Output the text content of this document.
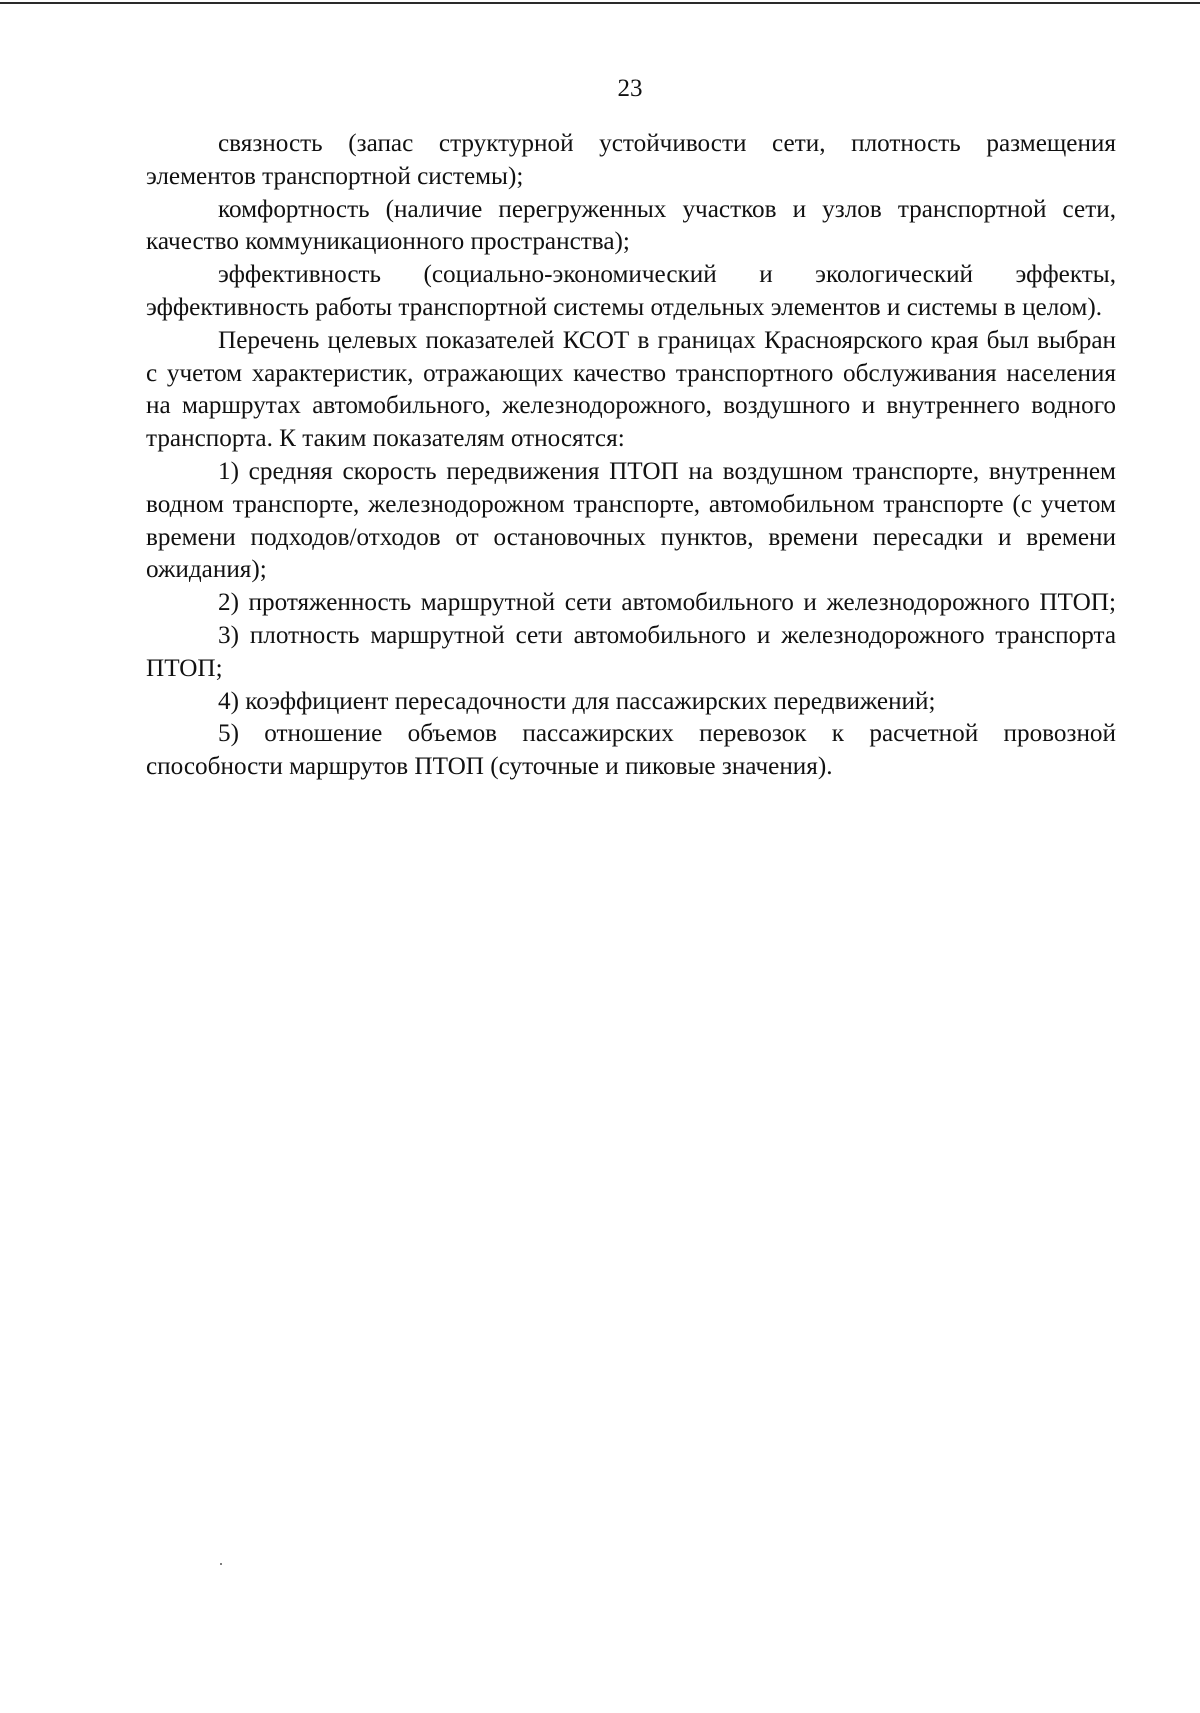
23

связность (запас структурной устойчивости сети, плотность размещения элементов транспортной системы);

комфортность (наличие перегруженных участков и узлов транспортной сети, качество коммуникационного пространства);

эффективность (социально-экономический и экологический эффекты, эффективность работы транспортной системы отдельных элементов и системы в целом).

Перечень целевых показателей КСОТ в границах Красноярского края был выбран с учетом характеристик, отражающих качество транспортного обслуживания населения на маршрутах автомобильного, железнодорожного, воздушного и внутреннего водного транспорта. К таким показателям относятся:

1) средняя скорость передвижения ПТОП на воздушном транспорте, внутреннем водном транспорте, железнодорожном транспорте, автомобильном транспорте (с учетом времени подходов/отходов от остановочных пунктов, времени пересадки и времени ожидания);

2) протяженность маршрутной сети автомобильного и железнодорожного ПТОП;

3) плотность маршрутной сети автомобильного и железнодорожного транспорта ПТОП;

4) коэффициент пересадочности для пассажирских передвижений;

5) отношение объемов пассажирских перевозок к расчетной провозной способности маршрутов ПТОП (суточные и пиковые значения).
